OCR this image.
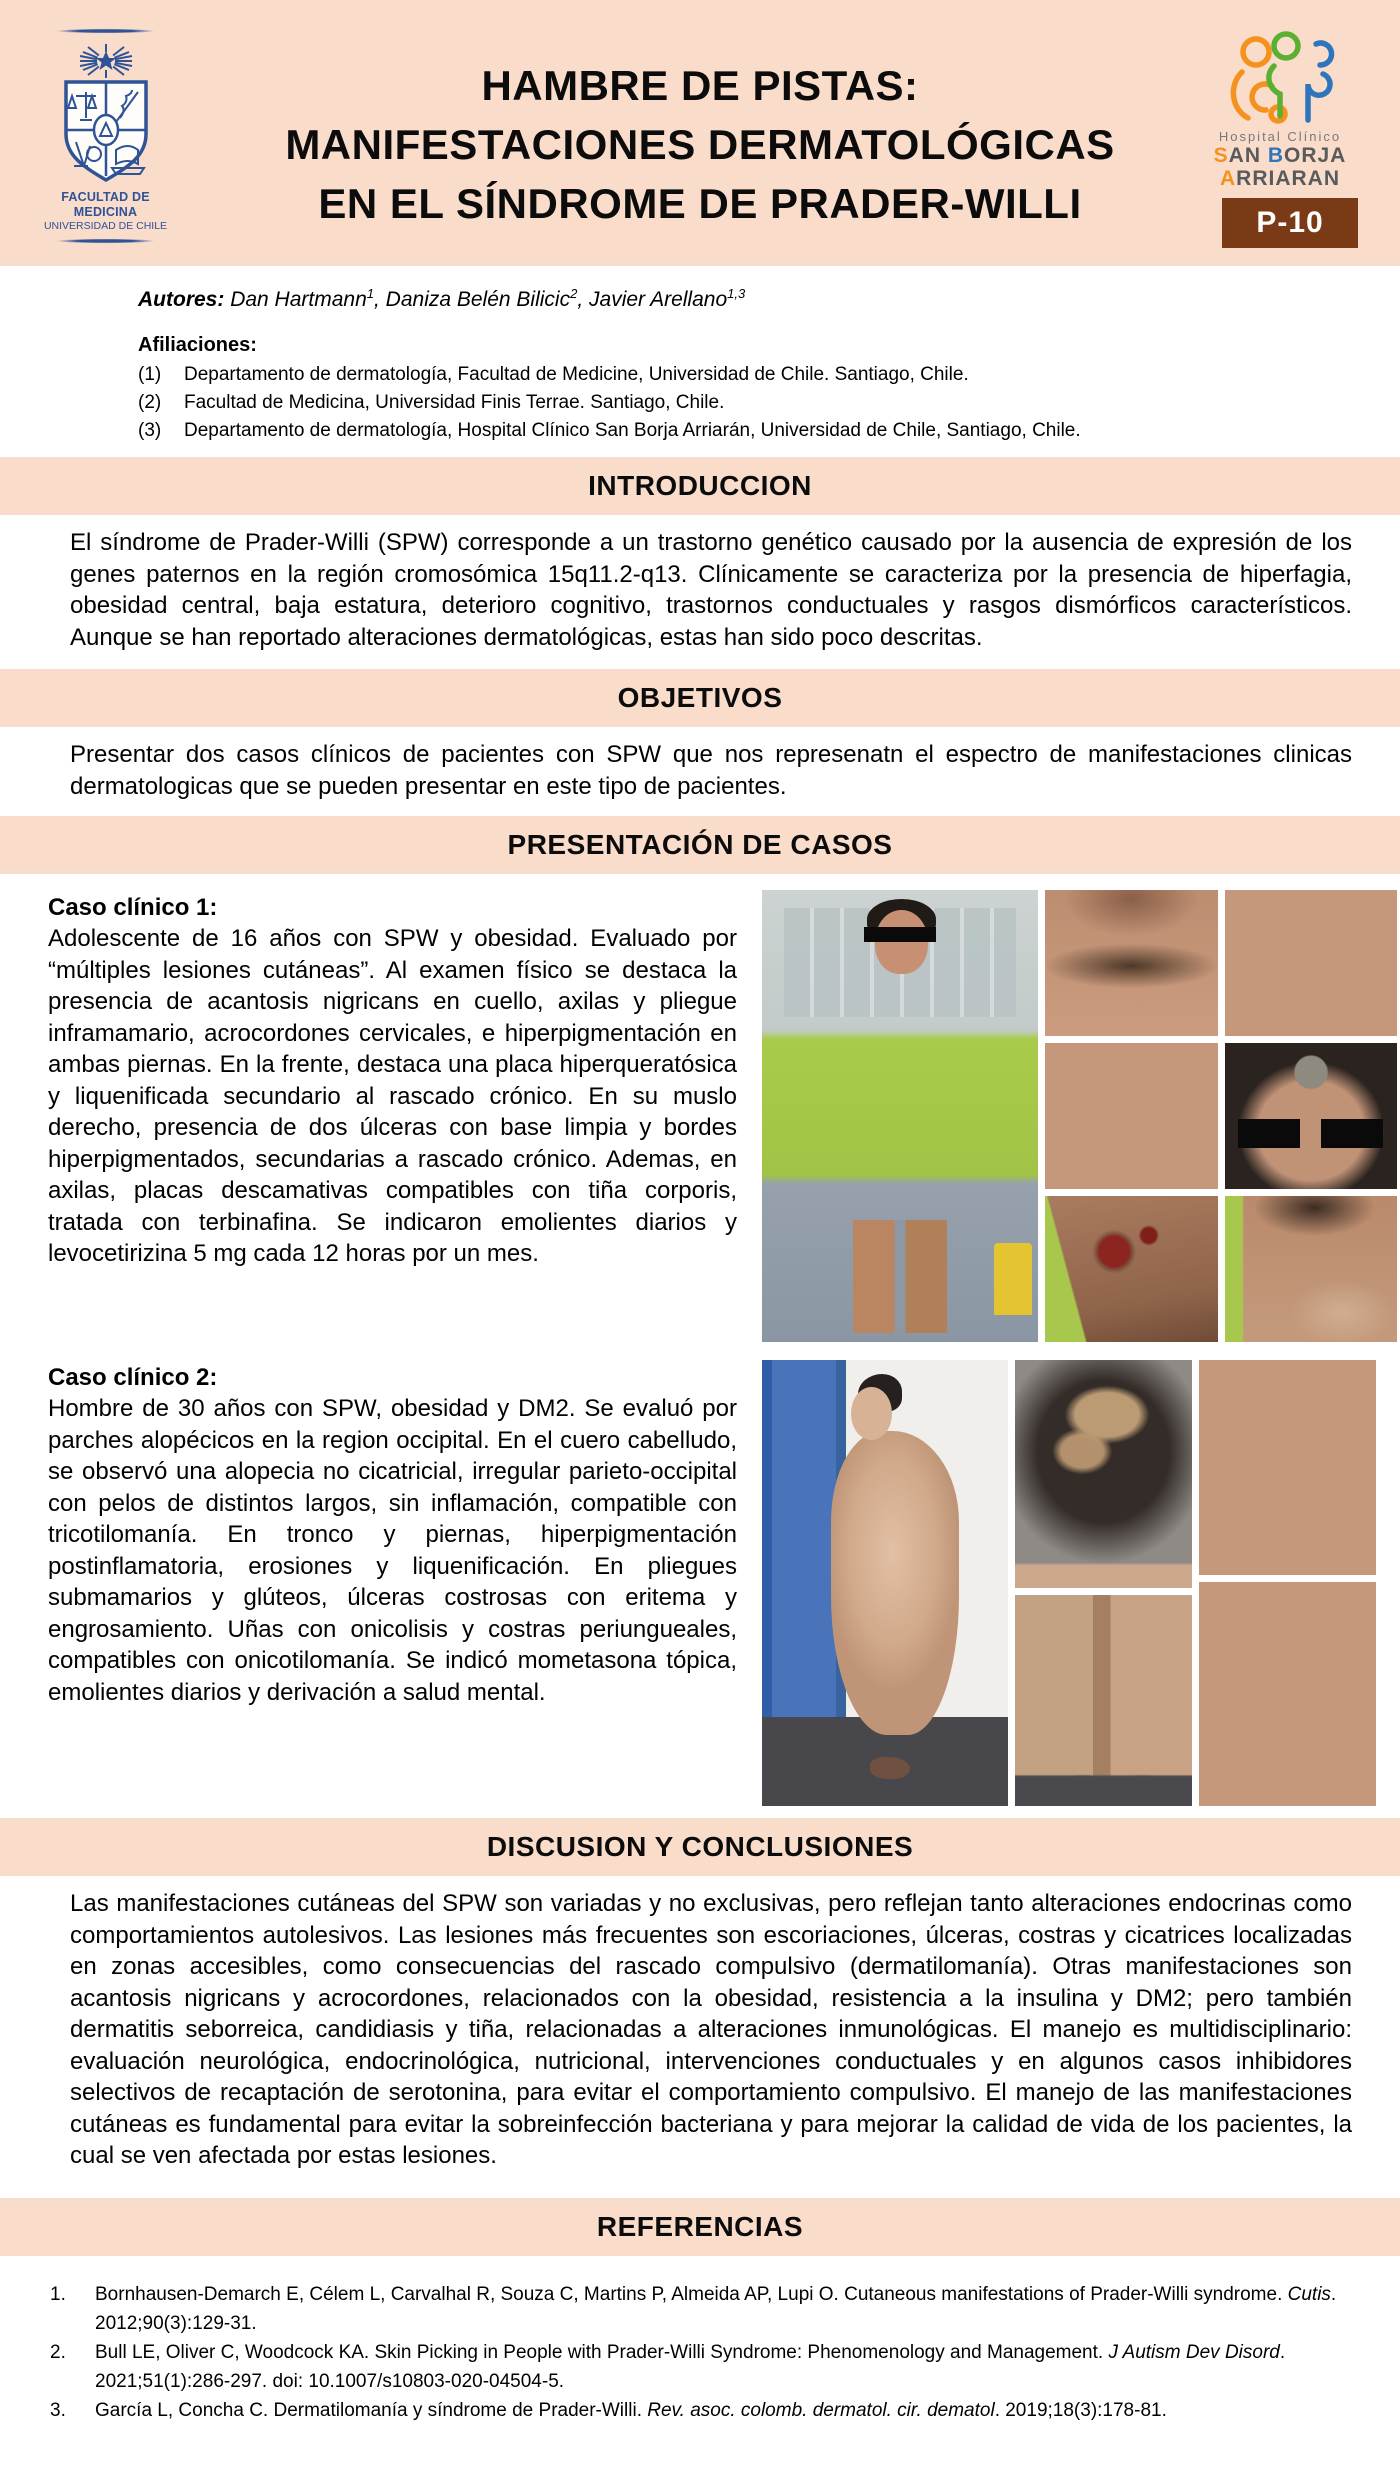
FACULTAD DE MEDICINA
UNIVERSIDAD DE CHILE
HAMBRE DE PISTAS:
MANIFESTACIONES DERMATOLÓGICAS
EN EL SÍNDROME DE PRADER-WILLI
Hospital Clínico
SAN BORJA
ARRIARAN
P-10
Autores: Dan Hartmann$^1$, Daniza Belén Bilicic$^2$, Javier Arellano$^{1,3}$
Afiliaciones:
(1)	Departamento de dermatología, Facultad de Medicine, Universidad de Chile. Santiago, Chile.
(2)	Facultad de Medicina, Universidad Finis Terrae. Santiago, Chile.
(3)	Departamento de dermatología, Hospital Clínico San Borja Arriarán, Universidad de Chile, Santiago, Chile.
INTRODUCCION

El síndrome de Prader-Willi (SPW) corresponde a un trastorno genético causado por la ausencia de expresión de los genes paternos en la región cromosómica 15q11.2-q13. Clínicamente se caracteriza por la presencia de hiperfagia, obesidad central, baja estatura, deterioro cognitivo, trastornos conductuales y rasgos dismórficos característicos. Aunque se han reportado alteraciones dermatológicas, estas han sido poco descritas.

OBJETIVOS

Presentar dos casos clínicos de pacientes con SPW que nos represenatn el espectro de manifestaciones clinicas dermatologicas que se pueden presentar en este tipo de pacientes.

PRESENTACIÓN DE CASOS
Caso clínico 1:
Adolescente de 16 años con SPW y obesidad. Evaluado por “múltiples lesiones cutáneas”. Al examen físico se destaca la presencia de acantosis nigricans en cuello, axilas y pliegue inframamario, acrocordones cervicales, e hiperpigmentación en ambas piernas. En la frente, destaca una placa hiperqueratósica y liquenificada secundario al rascado crónico. En su muslo derecho, presencia de dos úlceras con base limpia y bordes hiperpigmentados, secundarias a rascado crónico. Ademas, en axilas, placas descamativas compatibles con tiña corporis, tratada con terbinafina. Se indicaron emolientes diarios y levocetirizina 5 mg cada 12 horas por un mes.
Caso clínico 2:
Hombre de 30 años con SPW, obesidad y DM2. Se evaluó por parches alopécicos en la region occipital. En el cuero cabelludo, se observó una alopecia no cicatricial, irregular parieto-occipital con pelos de distintos largos, sin inflamación, compatible con tricotilomanía. En tronco y piernas, hiperpigmentación postinflamatoria, erosiones y liquenificación. En pliegues submamarios y glúteos, úlceras costrosas con eritema y engrosamiento. Uñas con onicolisis y costras periungueales, compatibles con onicotilomanía. Se indicó mometasona tópica, emolientes diarios y derivación a salud mental.
DISCUSION Y CONCLUSIONES

Las manifestaciones cutáneas del SPW son variadas y no exclusivas, pero reflejan tanto alteraciones endocrinas como comportamientos autolesivos. Las lesiones más frecuentes son escoriaciones, úlceras, costras y cicatrices localizadas en zonas accesibles, como consecuencias del rascado compulsivo (dermatilomanía). Otras manifestaciones son acantosis nigricans y acrocordones, relacionados con la obesidad, resistencia a la insulina y DM2; pero también dermatitis seborreica, candidiasis y tiña, relacionadas a alteraciones inmunológicas. El manejo es multidisciplinario: evaluación neurológica, endocrinológica, nutricional, intervenciones conductuales y en algunos casos inhibidores selectivos de recaptación de serotonina, para evitar el comportamiento compulsivo. El manejo de las manifestaciones cutáneas es fundamental para evitar la sobreinfección bacteriana y para mejorar la calidad de vida de los pacientes, la cual se ven afectada por estas lesiones.

REFERENCIAS
1.	Bornhausen-Demarch E, Célem L, Carvalhal R, Souza C, Martins P, Almeida AP, Lupi O. Cutaneous manifestations of Prader-Willi syndrome. Cutis. 2012;90(3):129-31.
2.	Bull LE, Oliver C, Woodcock KA. Skin Picking in People with Prader-Willi Syndrome: Phenomenology and Management. J Autism Dev Disord. 2021;51(1):286-297. doi: 10.1007/s10803-020-04504-5.
3.	García L, Concha C. Dermatilomanía y síndrome de Prader-Willi. Rev. asoc. colomb. dermatol. cir. dematol. 2019;18(3):178-81.
